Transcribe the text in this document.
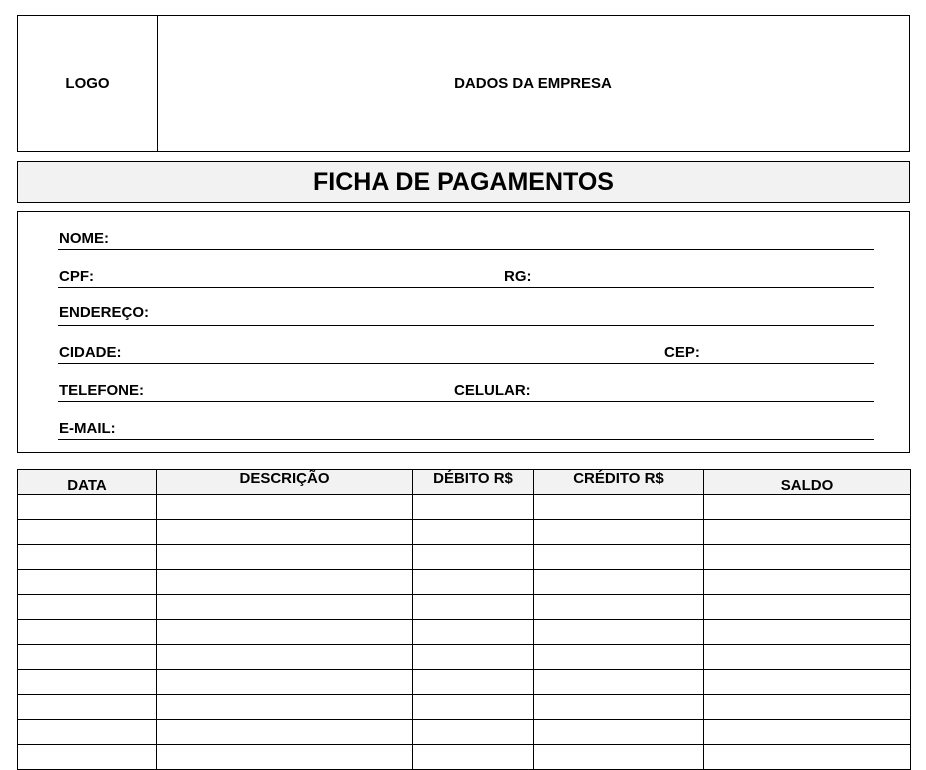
LOGO	DADOS DA EMPRESA
FICHA DE PAGAMENTOS
NOME:
CPF:	RG:
ENDEREÇO:
CIDADE:	CEP:
TELEFONE:	CELULAR:
E-MAIL:
DATA	DESCRIÇÃO	DÉBITO R$	CRÉDITO R$	SALDO
